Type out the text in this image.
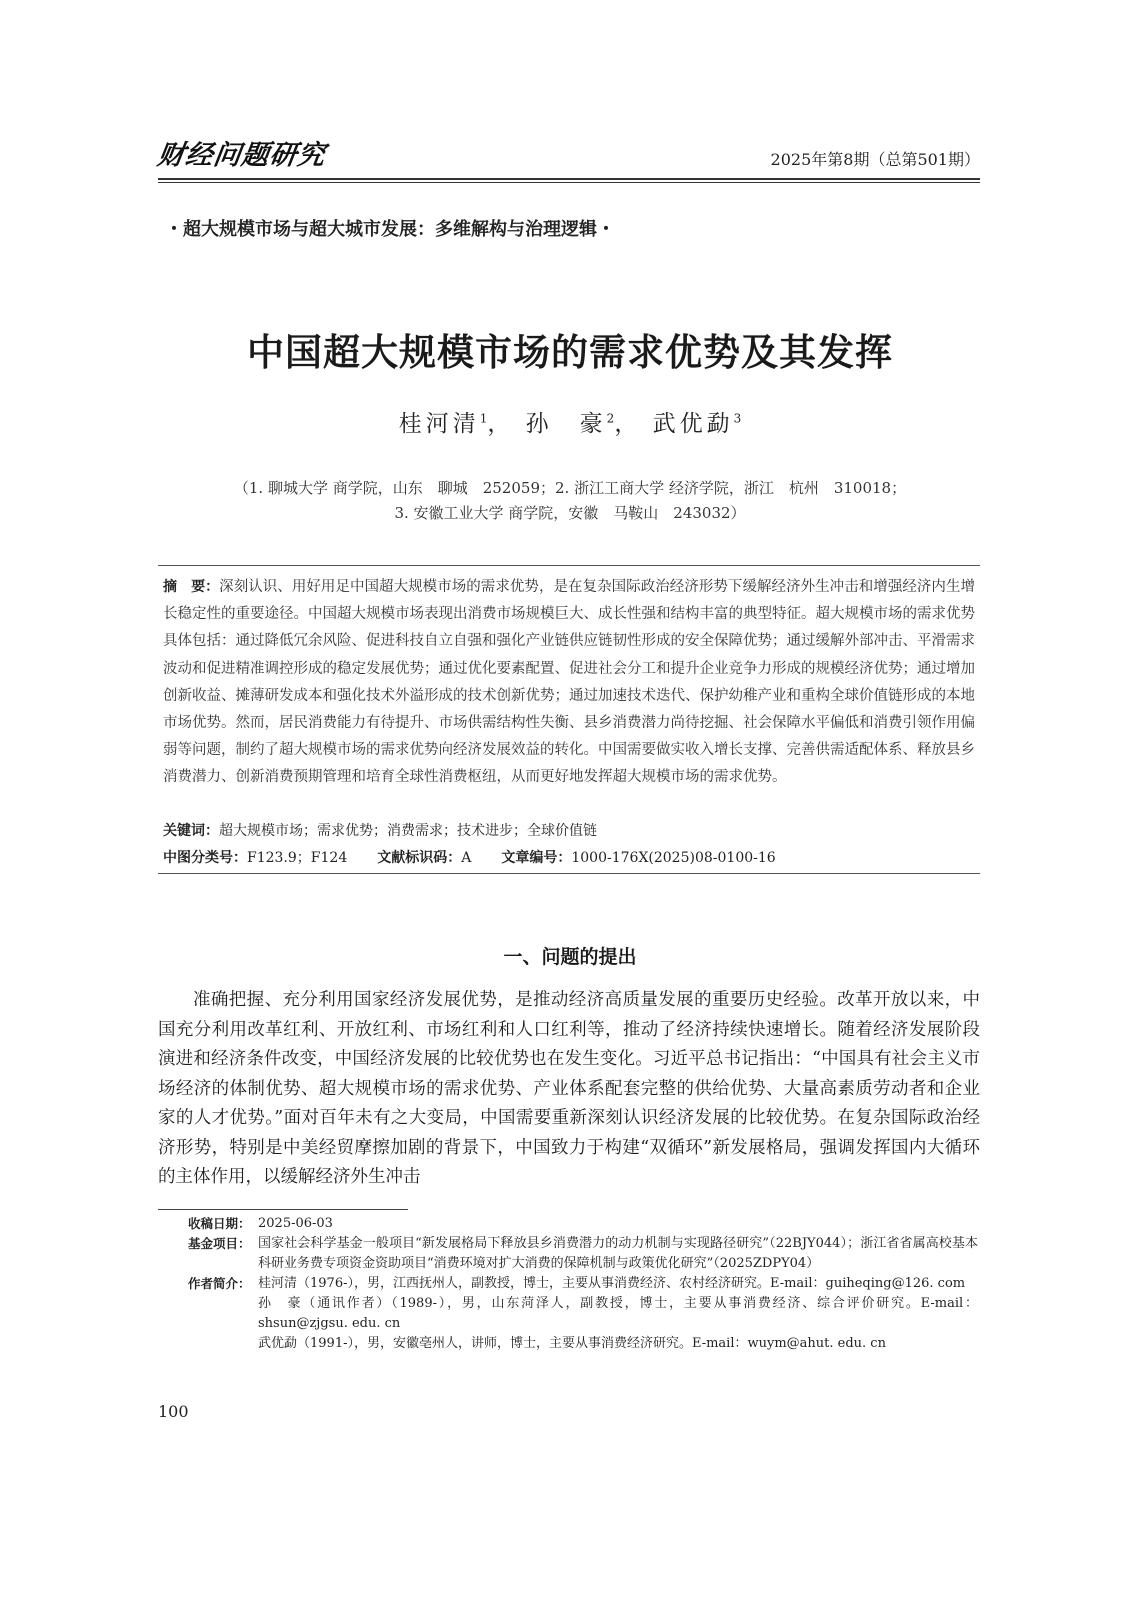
财经问题研究	2025年第8期（总第501期）
・超大规模市场与超大城市发展：多维解构与治理逻辑・
中国超大规模市场的需求优势及其发挥
桂河清$^1$， 孙　豪$^2$， 武优勐$^3$
（1. 聊城大学 商学院，山东　聊城　252059；2. 浙江工商大学 经济学院，浙江　杭州　310018；
3. 安徽工业大学 商学院，安徽　马鞍山　243032）
摘　要：深刻认识、用好用足中国超大规模市场的需求优势，是在复杂国际政治经济形势下缓解经济外生冲击和增强经济内生增长稳定性的重要途径。中国超大规模市场表现出消费市场规模巨大、成长性强和结构丰富的典型特征。超大规模市场的需求优势具体包括：通过降低冗余风险、促进科技自立自强和强化产业链供应链韧性形成的安全保障优势；通过缓解外部冲击、平滑需求波动和促进精准调控形成的稳定发展优势；通过优化要素配置、促进社会分工和提升企业竞争力形成的规模经济优势；通过增加创新收益、摊薄研发成本和强化技术外溢形成的技术创新优势；通过加速技术迭代、保护幼稚产业和重构全球价值链形成的本地市场优势。然而，居民消费能力有待提升、市场供需结构性失衡、县乡消费潜力尚待挖掘、社会保障水平偏低和消费引领作用偏弱等问题，制约了超大规模市场的需求优势向经济发展效益的转化。中国需要做实收入增长支撑、完善供需适配体系、释放县乡消费潜力、创新消费预期管理和培育全球性消费枢纽，从而更好地发挥超大规模市场的需求优势。
关键词：超大规模市场；需求优势；消费需求；技术进步；全球价值链
中图分类号：F123.9；F124 文献标识码：A 文章编号：1000-176X(2025)08-0100-16
一、问题的提出
准确把握、充分利用国家经济发展优势，是推动经济高质量发展的重要历史经验。改革开放以来，中国充分利用改革红利、开放红利、市场红利和人口红利等，推动了经济持续快速增长。随着经济发展阶段演进和经济条件改变，中国经济发展的比较优势也在发生变化。习近平总书记指出：“中国具有社会主义市场经济的体制优势、超大规模市场的需求优势、产业体系配套完整的供给优势、大量高素质劳动者和企业家的人才优势。”面对百年未有之大变局，中国需要重新深刻认识经济发展的比较优势。在复杂国际政治经济形势，特别是中美经贸摩擦加剧的背景下，中国致力于构建“双循环”新发展格局，强调发挥国内大循环的主体作用，以缓解经济外生冲击
收稿日期： 2025-06-03
基金项目： 国家社会科学基金一般项目“新发展格局下释放县乡消费潜力的动力机制与实现路径研究”（22BJY044）；浙江省省属高校基本科研业务费专项资金资助项目“消费环境对扩大消费的保障机制与政策优化研究”（2025ZDPY04）
作者简介： 桂河清（1976-），男，江西抚州人，副教授，博士，主要从事消费经济、农村经济研究。E-mail：guiheqing@126. com
孙　豪（通讯作者）（1989-），男，山东菏泽人，副教授，博士，主要从事消费经济、综合评价研究。E-mail：shsun@zjgsu. edu. cn
武优勐（1991-），男，安徽亳州人，讲师，博士，主要从事消费经济研究。E-mail：wuym@ahut. edu. cn
100
